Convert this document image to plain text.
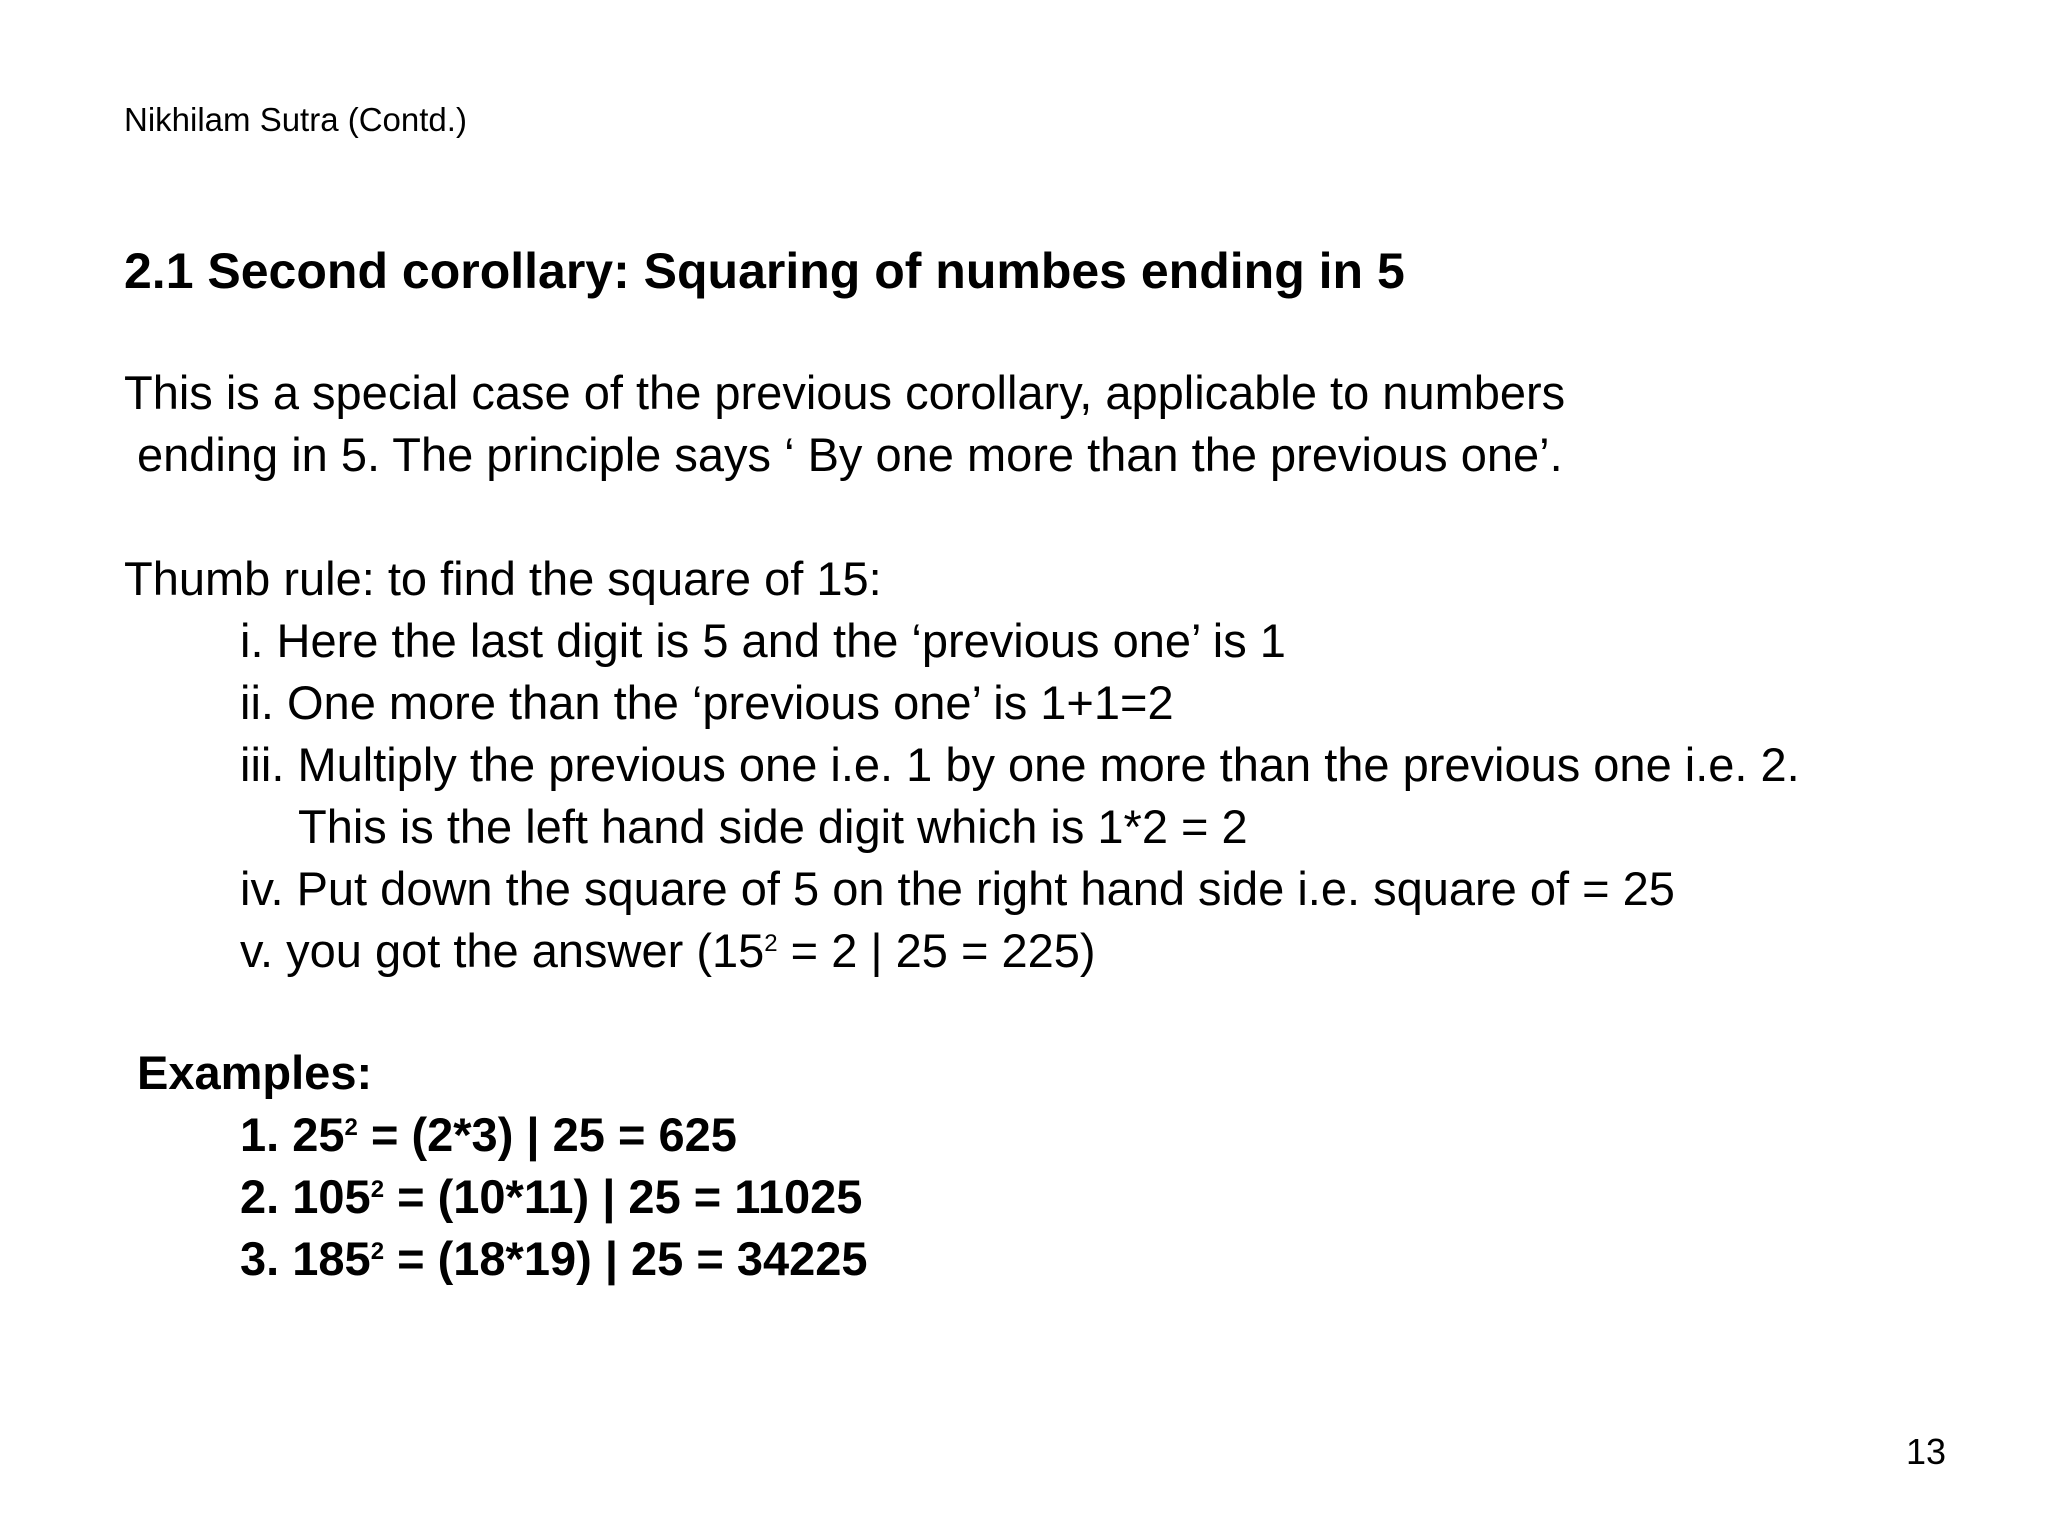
Nikhilam Sutra (Contd.)
2.1 Second corollary: Squaring of numbes ending in 5
This is a special case of the previous corollary, applicable to numbers
ending in 5. The principle says ‘ By one more than the previous one’.
Thumb rule: to find the square of 15:
i. Here the last digit is 5 and the ‘previous one’ is 1
ii. One more than the ‘previous one’ is 1+1=2
iii. Multiply the previous one i.e. 1 by one more than the previous one i.e. 2.
This is the left hand side digit which is 1*2 = 2
iv. Put down the square of 5 on the right hand side i.e. square of = 25
v. you got the answer ($15^2 = 2$ | 25 = 225)
Examples:
1. $25^2 = (2*3)$ | 25 = 625
2. $105^2 = (10*11)$ | 25 = 11025
3. $185^2 = (18*19)$ | 25 = 34225
13
